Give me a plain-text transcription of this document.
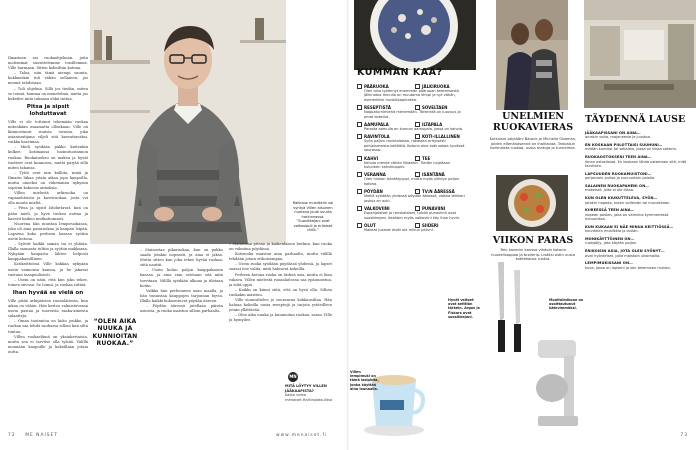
Ilmarinen sai ruokaohjelman, joita molemmat suosittelemme toisillemme. Ville harmaan. Sitten kokeiltiin kotona.

– Taloa, niin tämä aiempi suunta, kokkauskin tuli vähän sellainen, jos mennä tahdotaan.

– Tuli ohjelma. Sillä jos tiedän, miten se toimii, homma on menetelmä, mutta jos kokeilee mitä tahansa ehkä tuttua.

Pitsa ja sipsit lohduttavat

Ville ei ole tottunut tekemään ruokaa mitenkään osaamatta ollenkaan. Ville on kiinnostunut ruuista sivussa, joka asiantuntijana viljeli sitä kasvattavaksi, vaikka kasvimaa.

– Mieli syödään pakko kuitenkin kulkee, kotimaissa luomutuotannon ruokaa. Ruokatuoksu on makea ja hyvät tuotteet ovat kunnossa, mutta pärjää sillä miten tahansa.

– Tytöt ovat niin kalliita, minä ja Ilmarin liikaa jotain aikaa jopa kaupoilla, mutta onneksi on vähemmän nykyisin sopivan kokoisia annoksia.

Villen mielestä arkiruoka on vapaaehtoista ja kasviruokaa, josta voi olla monta mieltä.

– Pitsa ja sipsit lohduttavat, kun on paha mieli, ja hyvä tuoksu auttaa ja kaverit kaiken mutkattomasti.

Nuorena hän muistaa lempiruokansa, joka oli aina pataruokaa ja kaupan leipää. Lapsena koko perheen kanssa syötiin usein kotona.

– Syövät kaikki saman tai ei yhtään. Illalla saunasta tultiin ja syötiin makkaraa. Nykyään kaupasta lähtee helposti kauppakassillinen.

Kotikeittiössä Ville kokkaa nykyään usein vaimonsa kanssa, ja he jakavat vastuun tasapuolisesti.

– Usein on näin, että kun joku tekee, toinen siivoaa. Se toimii, ja ruokaa riittää.

Ihan hyvää se vielä on

Ville pitää arkipäivien ruoanlaitosta, kun aikaa on vähän. Hän kertoo valmistavansa usein pastaa ja tuoreista raaka-aineista salaatteja.

– Omaa tuotantoa on koko joukko, ja ruokaa saa tehdä rauhassa silloin kun siltä tuntuu.

Villen ruokaelämä on yksinkertaista, mutta sen ei tarvitse olla tylsää. Välillä mennään kaupoille ja kokeillaan jotain uutta.

Rakkaus musiikkiin sai syntyä Villen aisuinen nuorena joudi suurta harkinnassa. “Suosikkejani ovat valkosipuli ja erilaiset chilit.”
“OLEN AIKA NUUKA JA KUNNIOITAN RUOKAA.”

– Mainostaa pikaruokaa, kun on pakko saada jotakin nopeasti, ja aina ei jaksa. Mutta sitten kun joku tekee hyvää ruokaa, siitä nauttii.

– Usein kuluu paljon kauppakassin kanssa, ja aina vain ostetaan sitä mitä tarvitaan. Välillä syödään ulkona ja tilataan kotiin.

Valkka hän perheineen asuu maalla, ja hän tunnistaa kauppojen tarjonnan hyvin. Illalla kaikki kokoontuvat pöydän ääreen.

– Pöydän ääressä jutellaan päivän asioista, ja ruoka maistuu silloin parhaalta.

– Mainostaa pitsan ja kaikenlaisen herkun, kun ruoka on valmiina pöydässä.

Kotiruoka maistuu aina parhaalta, mutta välillä tehdään jotain erikoisempaa.

– Usein ruoka syödään pöydässä yhdessä, ja lapset saavat itse valita, mitä haluavat kokeilla.

Perheen kotona ruoka on tärkeä asia, mutta ei liian vakava. Villen mielestä ruoanlaitossa saa epäonnistua, ja siitä oppii.

– Kaikki on kiinni siitä, että on hyvä olla. Silloin ruokakin maistuu.

Ville suunnittelee jo seuraavaa kokkausiltaa. Hän haluaa kokeilla uusia reseptejä ja tarjota ystävilleen jotain yllättävää.

– Olen aika nuuka ja kunnioitan ruokaa, sanoo Ville ja hymyilee.

MN
MITÄ LÖYTYY VILLEN JÄÄKAAPISTA?
Katso video menaiset.fi/villeplatsulitsa
72 ME NAISET	www.menaiset.fi
KUMMAN KAA?
PÄÄRUOKA	JÄLKIRUOKA
Olen aina tykännyt enemmän pääruoan tekemisestä. Jälkiruoka minulla on muutama lempi ja nyt vähän, esimerkiksi mustikkapiirakka.
RESEPTISTÄ	SOVELTAEN
Noppaturnimiehä menemään. Tärkeintä on luovuus ja omat kokeilut.
AAMUPALA	ILTAPALA
Parasta aamulla on kunnon aamupala, jossa on kahvia.
RAVINTOLA	KOTI-ILLALLINEN
Syön paljon ravintoloissa, rakastan erityisesti pohjoismaista keittiötä. Kotona aina kotiruokaa hyvässä seurassa.
KAHVI	TEE
Kahvia menee vähän liikaakin. Tiedän nojaltaan kuluneen kahvikuppini.
VERANNA	ISÄNTÄNÄ
Olen hiukan isäntätyyppi, mutta myös viihdyn paljon kotona.
PÖYDÄN	TV:N ÄÄRESSÄ
Meillä syödään yhdessä pöydän ääressä, vaikka telkkari joskus on auki.
VALKOVIINI	PUNAVIINI
Espanjalaiset ja ranskalaiset, tuhdit punaviinit ovat suosikkejani. Kesäisin myös valkoviini käy ihan hyvin.
OLUT	SIIDERI
Makeat juomat eivät ole minun juttuni.
UNELMIEN RUOKAVIERAS
Kutsuisin pöytääni Barack ja Michelle Obaman, joiden elämänasenne on ihailtavaa. Tarjoaisin kotimaista ruokaa, uusia makuja ja tunnelmia.
VIIKON PARAS
Tein kaverini kanssa vihdoin kotona nuudelisoppaa ja broileria. Lisäksi ostin uusia kotitekoisia ruokia.
Hyvät veitset ovat keittiön tärkein. Argos ja Fiskars ovat suosikkejani.
Monitoimikone on osoittautunut kätevimmäksi.
Villen lempimuki on tämä lasipinta, jonka käyttää aina lounaalla.
TÄYDENNÄ LAUSE
JÄÄKAAPISSANI ON AINA…
ainakin voita, majoneesia ja juustoa.
EN KOSKAAN PIILOTTAISI SUUHUNI…
mitään kumiksi tai sellaista, jossa on liikaa sokeria.
RUOKAOSTOKSENI TEEN AINA…
ilman ostoslistaa. En koskaan lähde ostamaan sitä, mitä tarvitsen.
LAPSUUDEN RUOKAMUISTONI…
perjantain pullaa ja sunnuntain paistia.
SALAINEN RUOKAPAHENI ON…
makeiset, joita ei ole liikaa.
KUN OLEN KIUKUTTELEVA, SYÖN…
jotakin nopeaa, kuten voileivän tai munakkaan.
KIIREESSÄ TEEN AINA…
nopean pastan, joka on valmiina kymmenessä minuutissa.
KUN KUKAAN EI NÄE MINUA KEITTIÖSSÄ…
kuuntelen musiikkia ja laulan.
MONIKÄYTTÖINEN ON…
ruokaöljy, jota käytän paljon.
ERIKOISIN ASIA, JOTA OLEN SYÖNYT…
ovat hyönteiset, joita maistoin ulkomailla.
LEMPIMUKISSANI ON…
kuva, jossa on lapseni ja sen tekemisen muisto.
73
